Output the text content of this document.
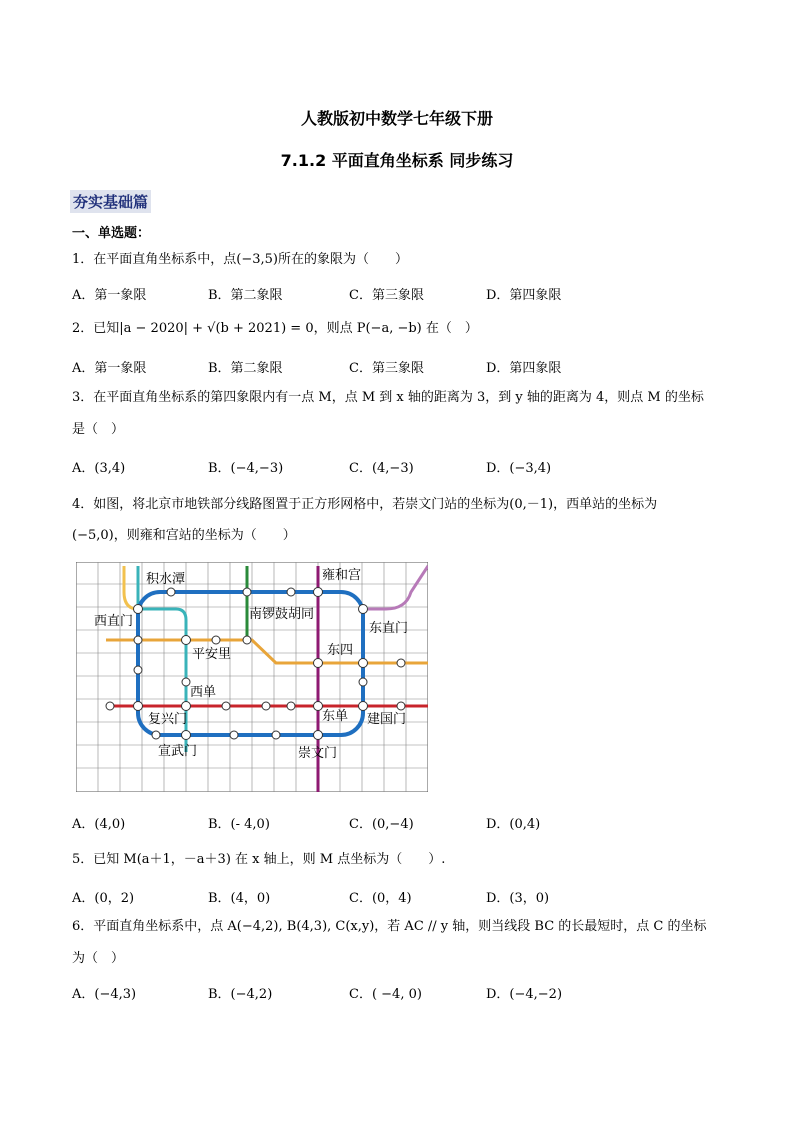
人教版初中数学七年级下册
7.1.2 平面直角坐标系 同步练习
夯实基础篇
一、单选题：
1．在平面直角坐标系中，点(−3,5)所在的象限为（　　）
A．第一象限	B．第二象限	C．第三象限	D．第四象限
2．已知|a − 2020| + √(b + 2021) = 0，则点 P(−a, −b) 在（　）
A．第一象限	B．第二象限	C．第三象限	D．第四象限
3．在平面直角坐标系的第四象限内有一点 M，点 M 到 x 轴的距离为 3，到 y 轴的距离为 4，则点 M 的坐标
是（　）
A．(3,4)	B．(−4,−3)	C．(4,−3)	D．(−3,4)
4．如图，将北京市地铁部分线路图置于正方形网格中，若崇文门站的坐标为(0,－1)，西单站的坐标为
(−5,0)，则雍和宫站的坐标为（　　）
积水潭	雍和宫
西直门	南锣鼓胡同
东直门
平安里	东四
西单
复兴门	东单 建国门
宣武门	崇文门
A．(4,0)	B．(- 4,0)	C．(0,−4)	D．(0,4)
5．已知 M(a＋1，－a＋3) 在 x 轴上，则 M 点坐标为（　　）.
A．(0，2)	B．(4，0)	C．(0，4)	D．(3，0)
6．平面直角坐标系中，点 A(−4,2), B(4,3), C(x,y)，若 AC // y 轴，则当线段 BC 的长最短时，点 C 的坐标
为（　）
A．(−4,3)	B．(−4,2)	C．( −4, 0)	D．(−4,−2)
